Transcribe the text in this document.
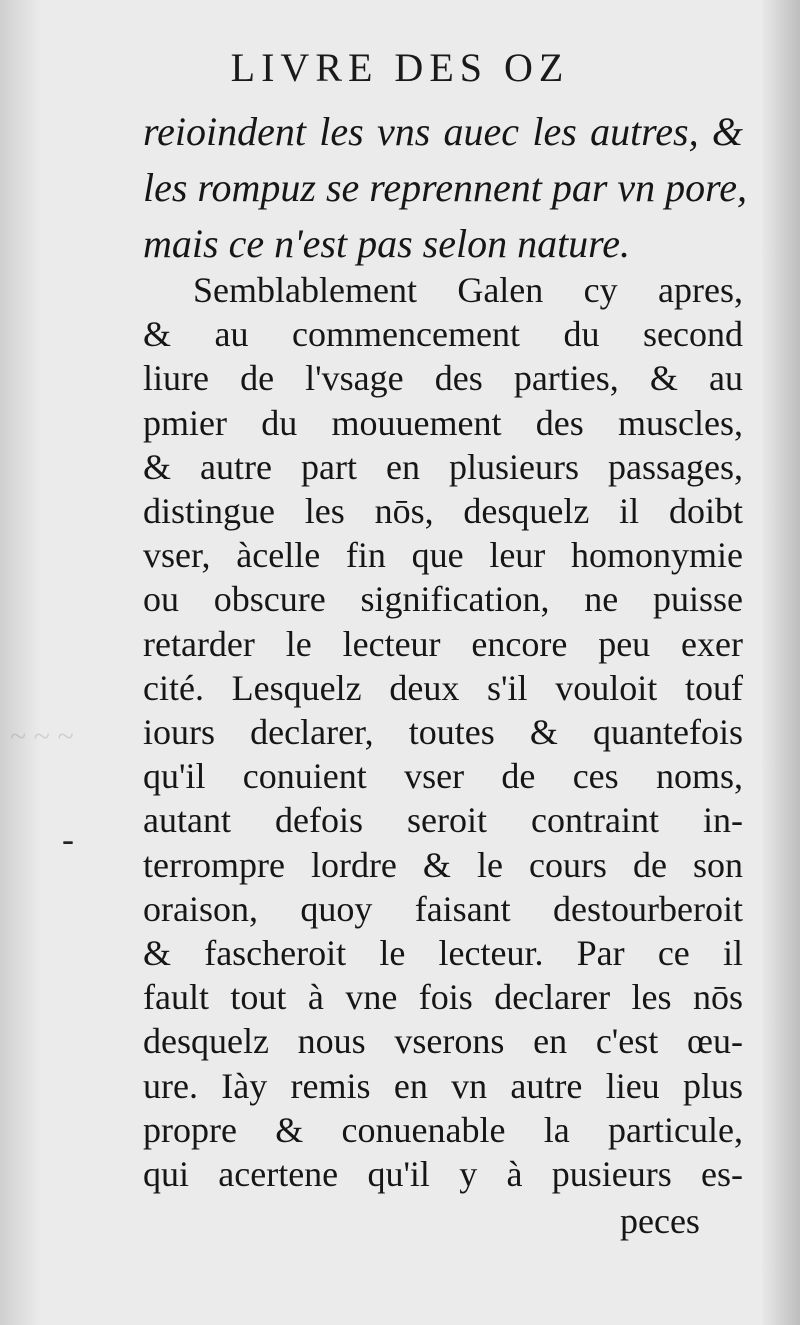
~ ~ ~
LIVRE DES OZ
reioindent les vns auec les autres, &
les rompuz se reprennent par vn pore,
mais ce n'est pas selon nature.
Semblablement Galen cy apres,
& au commencement du second
liure de l'vsage des parties, & au
pmier du mouuement des muscles,
& autre part en plusieurs passages,
distingue les nōs, desquelz il doibt
vser, àcelle fin que leur homonymie
ou obscure signification, ne puisse
retarder le lecteur encore peu exer
cité. Lesquelz deux s'il vouloit touf
iours declarer, toutes & quantefois
qu'il conuient vser de ces noms,
autant defois seroit contraint in-
terrompre lordre & le cours de son
oraison, quoy faisant destourberoit
& fascheroit le lecteur. Par ce il
fault tout à vne fois declarer les nōs
desquelz nous vserons en c'est œu-
ure. Iày remis en vn autre lieu plus
propre & conuenable la particule,
qui acertene qu'il y à pusieurs es-
-
peces
